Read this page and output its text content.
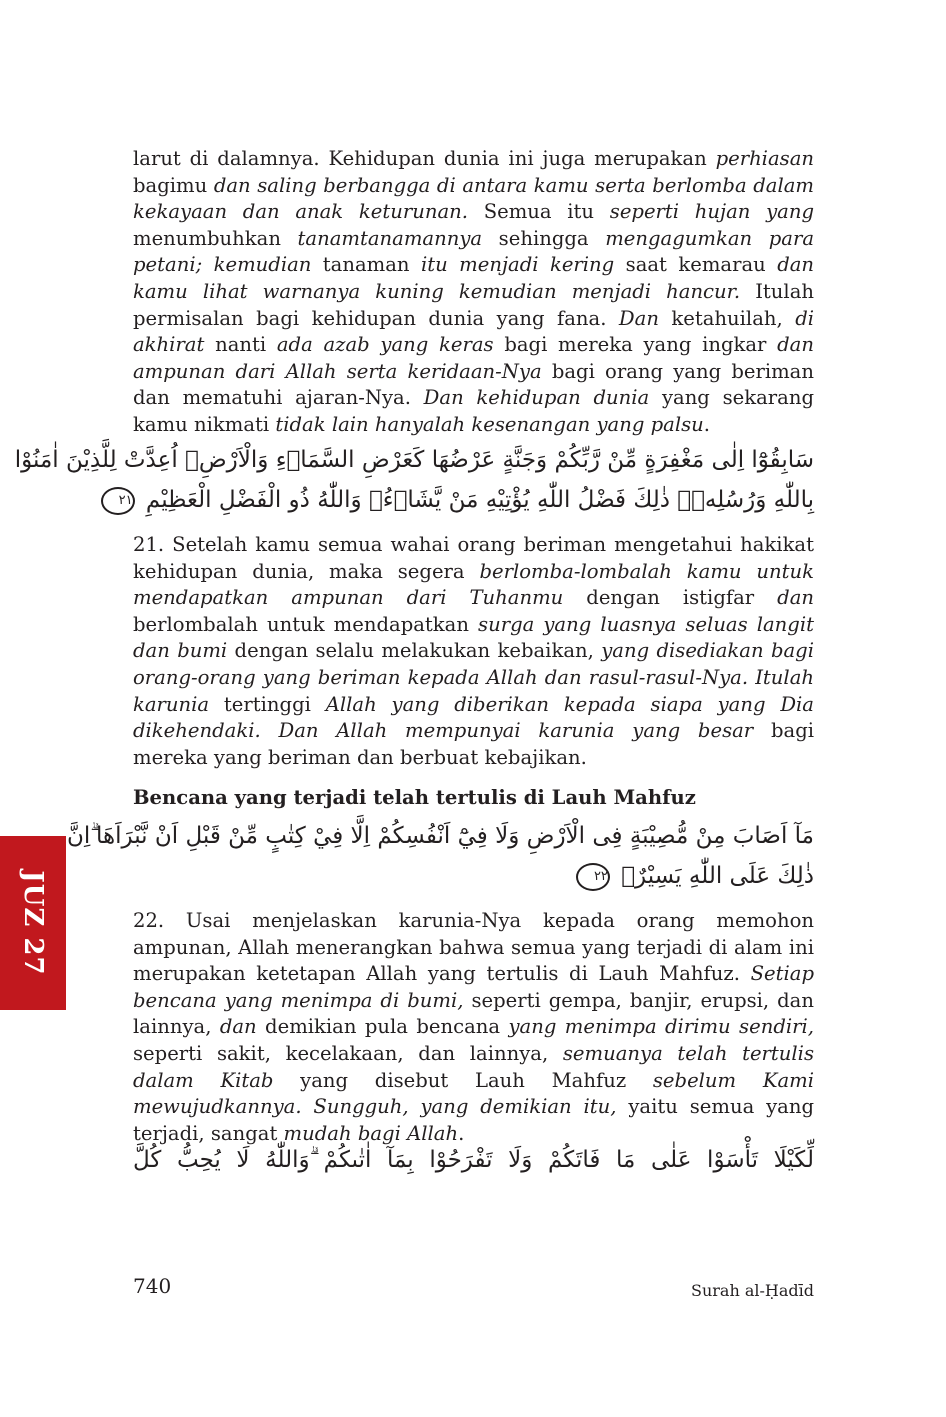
larut di dalamnya. Kehidupan dunia ini juga merupakan perhiasan bagimu dan saling berbangga di antara kamu serta berlomba dalam kekayaan dan anak keturunan. Semua itu seperti hujan yang menumbuhkan tanamtanamannya sehingga mengagumkan para petani; kemudian tanaman itu menjadi kering saat kemarau dan kamu lihat warnanya kuning kemudian menjadi hancur. Itulah permisalan bagi kehidupan dunia yang fana. Dan ketahuilah, di akhirat nanti ada azab yang keras bagi mereka yang ingkar dan ampunan dari Allah serta keridaan-Nya bagi orang yang beriman dan mematuhi ajaran-Nya. Dan kehidupan dunia yang sekarang kamu nikmati tidak lain hanyalah kesenangan yang palsu.

سَابِقُوْٓا اِلٰى مَغْفِرَةٍ مِّنْ رَّبِّكُمْ وَجَنَّةٍ عَرْضُهَا كَعَرْضِ السَّمَاۤءِ وَالْاَرْضِۙ اُعِدَّتْ لِلَّذِيْنَ اٰمَنُوْا
بِاللّٰهِ وَرُسُلِهٖۗ ذٰلِكَ فَضْلُ اللّٰهِ يُؤْتِيْهِ مَنْ يَّشَاۤءُۗ وَاللّٰهُ ذُو الْفَضْلِ الْعَظِيْمِ ٢١

21. Setelah kamu semua wahai orang beriman mengetahui hakikat kehidupan dunia, maka segera berlomba-lombalah kamu untuk mendapatkan ampunan dari Tuhanmu dengan istigfar dan berlombalah untuk mendapatkan surga yang luasnya seluas langit dan bumi dengan selalu melakukan kebaikan, yang disediakan bagi orang-orang yang beriman kepada Allah dan rasul-rasul-Nya. Itulah karunia tertinggi Allah yang diberikan kepada siapa yang Dia dikehendaki. Dan Allah mempunyai karunia yang besar bagi mereka yang beriman dan berbuat kebajikan.

Bencana yang terjadi telah tertulis di Lauh Mahfuz
مَآ اَصَابَ مِنْ مُّصِيْبَةٍ فِى الْاَرْضِ وَلَا فِيْٓ اَنْفُسِكُمْ اِلَّا فِيْ كِتٰبٍ مِّنْ قَبْلِ اَنْ نَّبْرَاَهَا ۗاِنَّ
ذٰلِكَ عَلَى اللّٰهِ يَسِيْرٌۖ ٢٢

22. Usai menjelaskan karunia-Nya kepada orang memohon ampunan, Allah menerangkan bahwa semua yang terjadi di alam ini merupakan ketetapan Allah yang tertulis di Lauh Mahfuz. Setiap bencana yang menimpa di bumi, seperti gempa, banjir, erupsi, dan lainnya, dan demikian pula bencana yang menimpa dirimu sendiri, seperti sakit, kecelakaan, dan lainnya, semuanya telah tertulis dalam Kitab yang disebut Lauh Mahfuz sebelum Kami mewujudkannya. Sungguh, yang demikian itu, yaitu semua yang terjadi, sangat mudah bagi Allah.

لِّكَيْلَا تَأْسَوْا عَلٰى مَا فَاتَكُمْ وَلَا تَفْرَحُوْا بِمَآ اٰتٰىكُمْ ۗوَاللّٰهُ لَا يُحِبُّ كُلَّ
JUZ 27
740	Surah al-Ḥadīd
